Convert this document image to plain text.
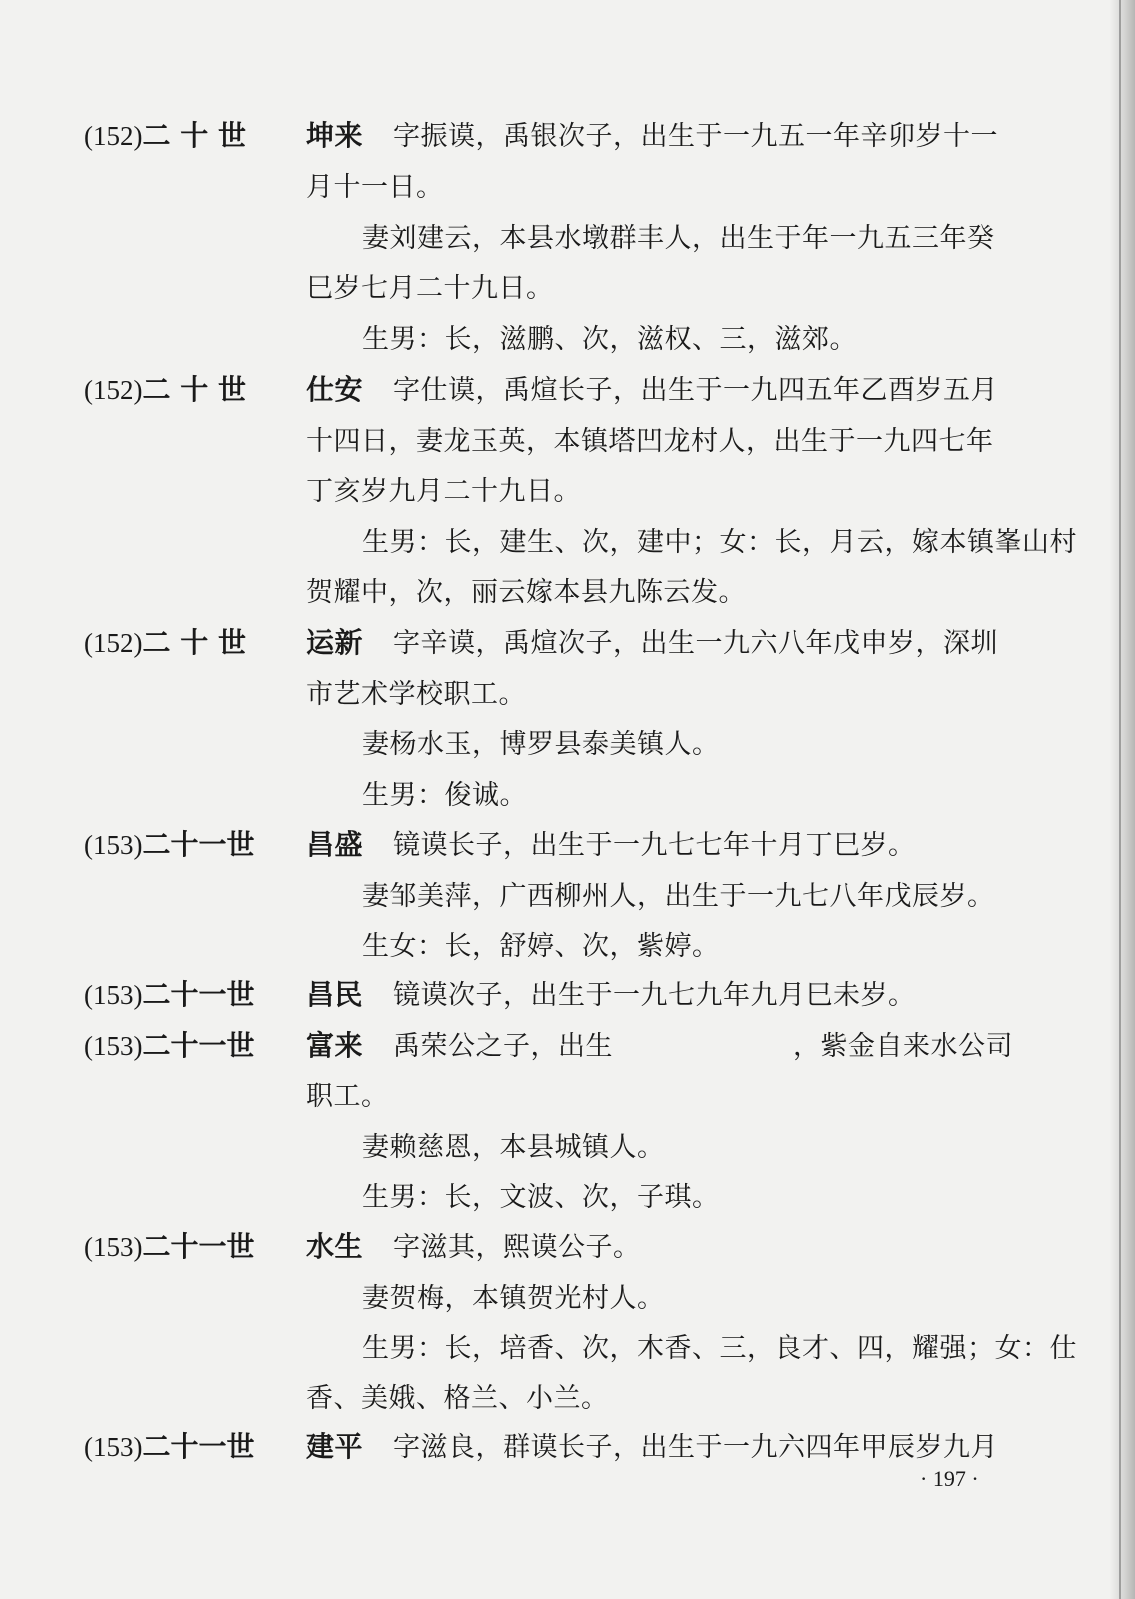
(152)二 十 世	坤来 字振谟，禹银次子，出生于一九五一年辛卯岁十一
月十一日。
妻刘建云，本县水墩群丰人，出生于年一九五三年癸
巳岁七月二十九日。
生男：长，滋鹏、次，滋权、三，滋郊。
(152)二 十 世	仕安 字仕谟，禹煊长子，出生于一九四五年乙酉岁五月
十四日，妻龙玉英，本镇塔凹龙村人，出生于一九四七年
丁亥岁九月二十九日。
生男：长，建生、次，建中；女：长，月云，嫁本镇峯山村
贺耀中，次，丽云嫁本县九陈云发。
(152)二 十 世	运新 字辛谟，禹煊次子，出生一九六八年戊申岁，深圳
市艺术学校职工。
妻杨水玉，博罗县泰美镇人。
生男：俊诚。
(153)二十一世	昌盛 镜谟长子，出生于一九七七年十月丁巳岁。
妻邹美萍，广西柳州人，出生于一九七八年戊辰岁。
生女：长，舒婷、次，紫婷。
(153)二十一世	昌民 镜谟次子，出生于一九七九年九月巳未岁。
(153)二十一世	富来 禹荣公之子，出生	，紫金自来水公司
职工。
妻赖慈恩，本县城镇人。
生男：长，文波、次，子琪。
(153)二十一世	水生 字滋其，熙谟公子。
妻贺梅，本镇贺光村人。
生男：长，培香、次，木香、三，良才、四，耀强；女：仕
香、美娥、格兰、小兰。
(153)二十一世	建平 字滋良，群谟长子，出生于一九六四年甲辰岁九月
· 197 ·
